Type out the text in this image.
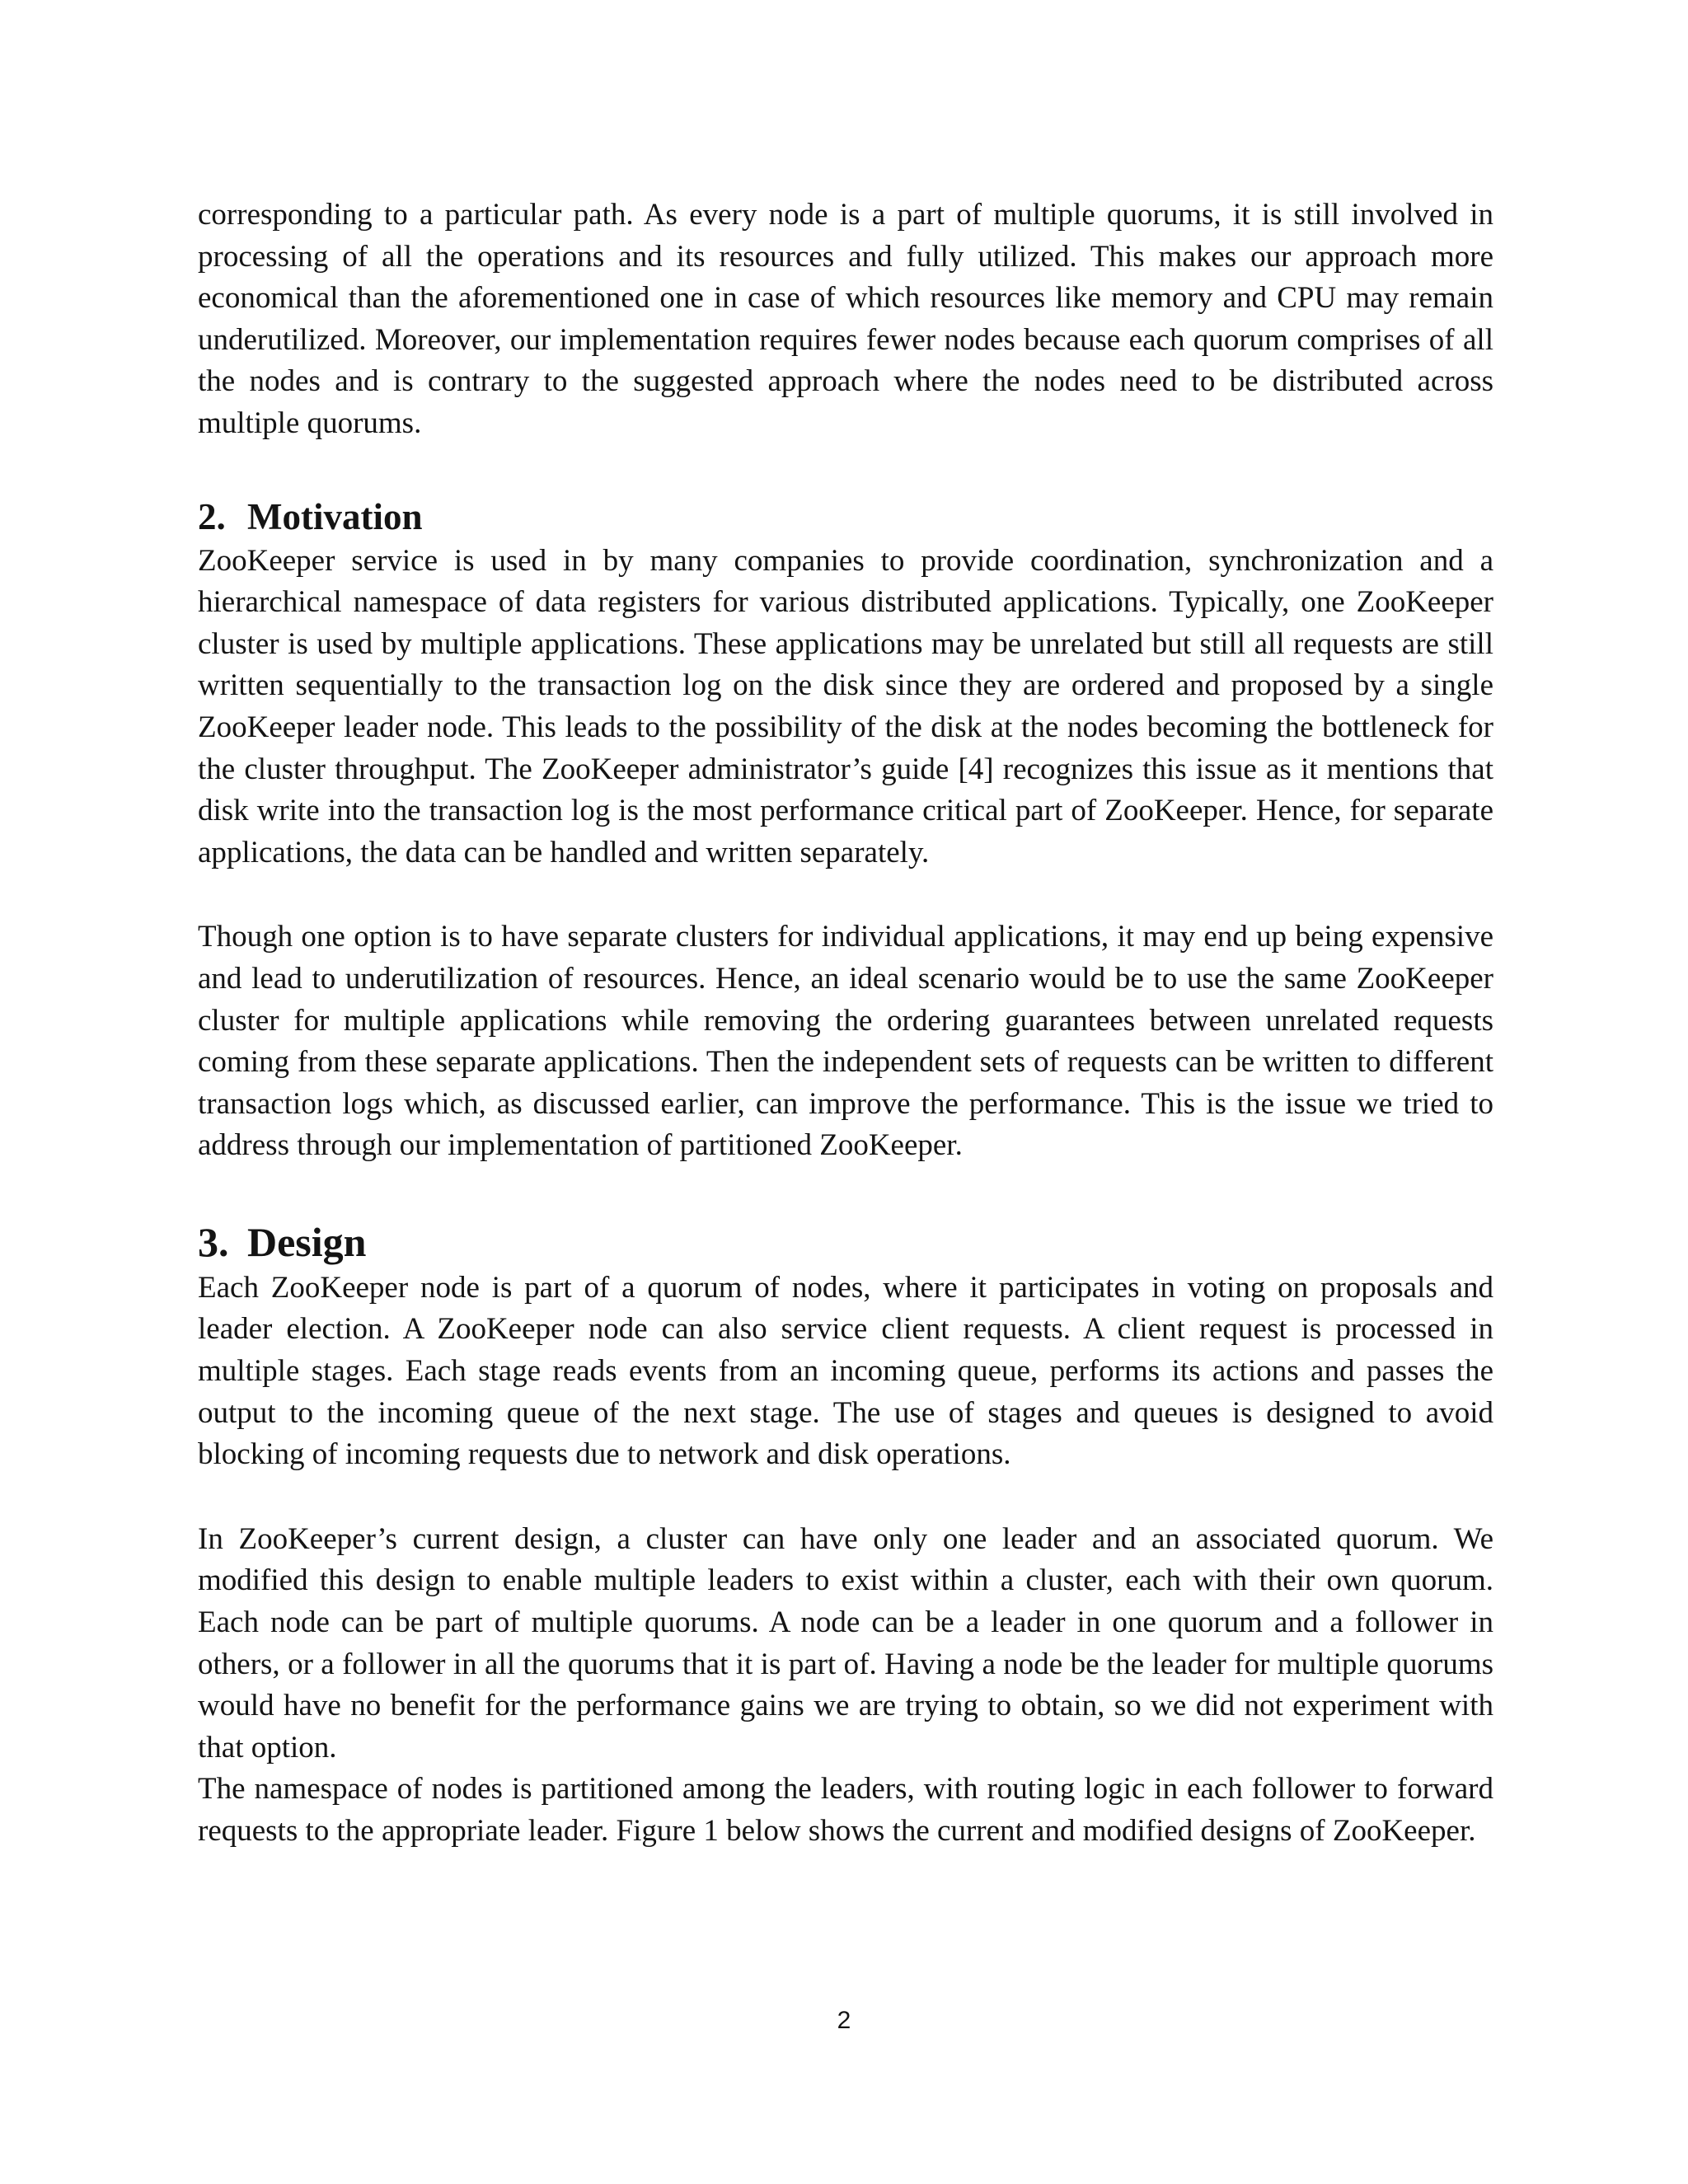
corresponding to a particular path. As every node is a part of multiple quorums, it is still involved in processing of all the operations and its resources and fully utilized. This makes our approach more economical than the aforementioned one in case of which resources like memory and CPU may remain underutilized. Moreover, our implementation requires fewer nodes because each quorum comprises of all the nodes and is contrary to the suggested approach where the nodes need to be distributed across multiple quorums.

2. Motivation

ZooKeeper service is used in by many companies to provide coordination, synchronization and a hierarchical namespace of data registers for various distributed applications. Typically, one ZooKeeper cluster is used by multiple applications. These applications may be unrelated but still all requests are still written sequentially to the transaction log on the disk since they are ordered and proposed by a single ZooKeeper leader node. This leads to the possibility of the disk at the nodes becoming the bottleneck for the cluster throughput. The ZooKeeper administrator’s guide [4] recognizes this issue as it mentions that disk write into the transaction log is the most performance critical part of ZooKeeper. Hence, for separate applications, the data can be handled and written separately.

Though one option is to have separate clusters for individual applications, it may end up being expensive and lead to underutilization of resources. Hence, an ideal scenario would be to use the same ZooKeeper cluster for multiple applications while removing the ordering guarantees between unrelated requests coming from these separate applications. Then the independent sets of requests can be written to different transaction logs which, as discussed earlier, can improve the performance. This is the issue we tried to address through our implementation of partitioned ZooKeeper.

3. Design

Each ZooKeeper node is part of a quorum of nodes, where it participates in voting on proposals and leader election. A ZooKeeper node can also service client requests. A client request is processed in multiple stages. Each stage reads events from an incoming queue, performs its actions and passes the output to the incoming queue of the next stage. The use of stages and queues is designed to avoid blocking of incoming requests due to network and disk operations.

In ZooKeeper’s current design, a cluster can have only one leader and an associated quorum. We modified this design to enable multiple leaders to exist within a cluster, each with their own quorum. Each node can be part of multiple quorums. A node can be a leader in one quorum and a follower in others, or a follower in all the quorums that it is part of. Having a node be the leader for multiple quorums would have no benefit for the performance gains we are trying to obtain, so we did not experiment with that option.

The namespace of nodes is partitioned among the leaders, with routing logic in each follower to forward requests to the appropriate leader. Figure 1 below shows the current and modified designs of ZooKeeper.

2
